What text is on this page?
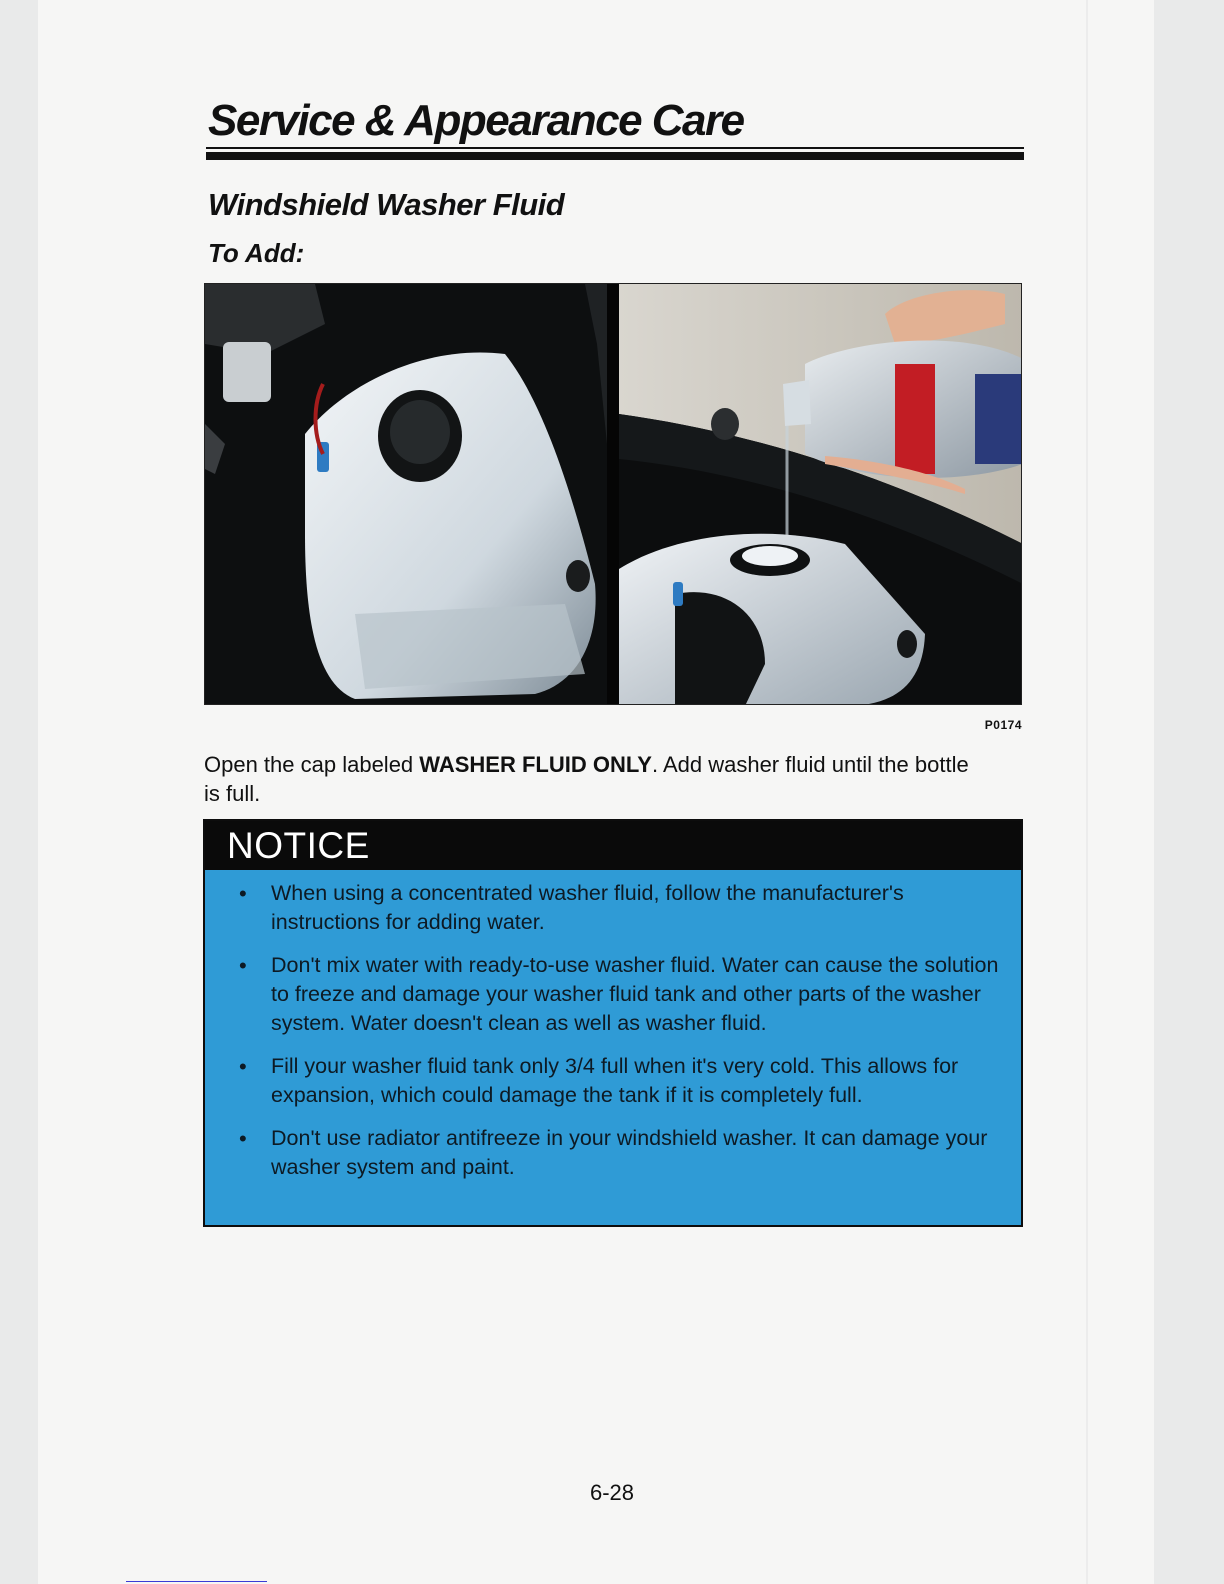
Service & Appearance Care
Windshield Washer Fluid
To Add:
P0174

Open the cap labeled WASHER FLUID ONLY. Add washer fluid until the bottle is full.

NOTICE
• When using a concentrated washer fluid, follow the manufacturer's instructions for adding water.
• Don't mix water with ready-to-use washer fluid. Water can cause the solution to freeze and damage your washer fluid tank and other parts of the washer system. Water doesn't clean as well as washer fluid.
• Fill your washer fluid tank only 3/4 full when it's very cold. This allows for expansion, which could damage the tank if it is completely full.
• Don't use radiator antifreeze in your windshield washer. It can damage your washer system and paint.
6-28
